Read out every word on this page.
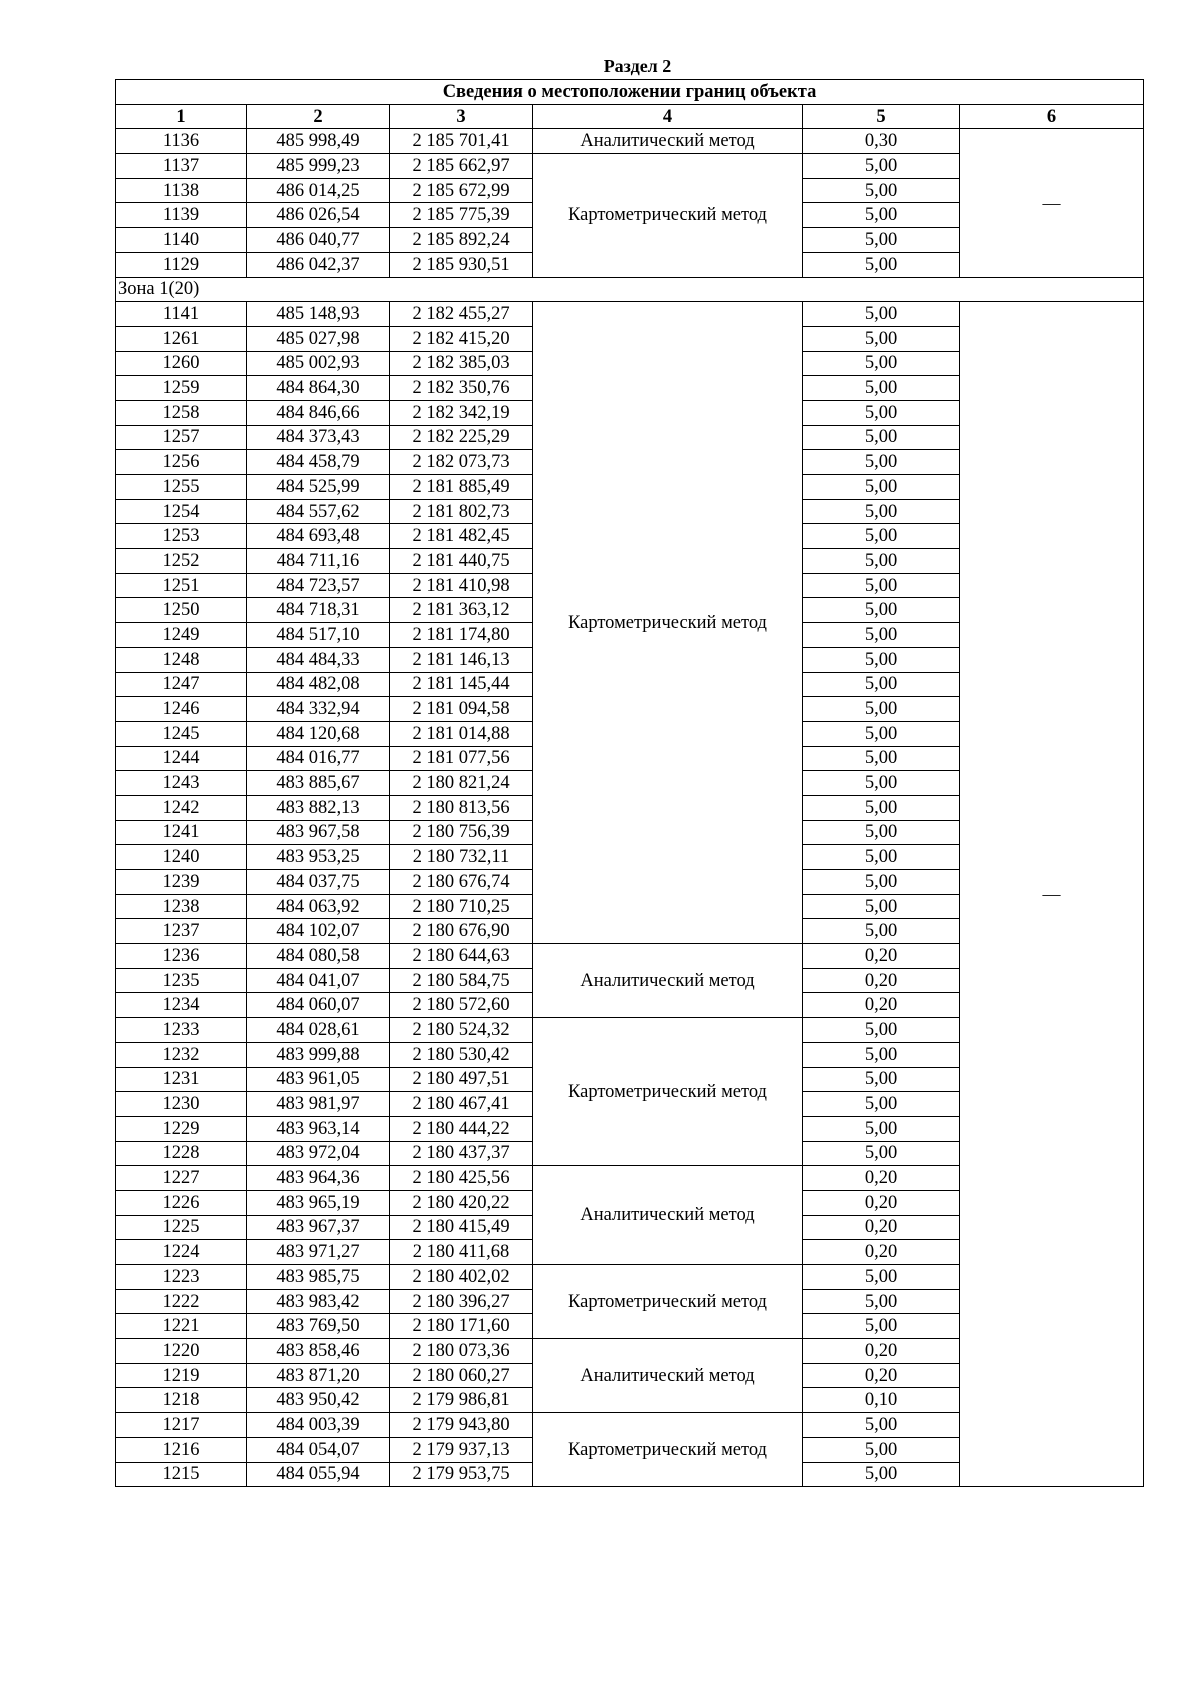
Раздел 2
Сведения о местоположении границ объекта					
1	2	3	4	5	6
1136	485 998,49	2 185 701,41	Аналитический метод	0,30	—
1137	485 999,23	2 185 662,97	Картометрический метод	5,00	
1138	486 014,25	2 185 672,99		5,00	
1139	486 026,54	2 185 775,39		5,00	
1140	486 040,77	2 185 892,24		5,00	
1129	486 042,37	2 185 930,51		5,00	
Зона 1(20)					
1141	485 148,93	2 182 455,27	Картометрический метод	5,00	—
1261	485 027,98	2 182 415,20		5,00	
1260	485 002,93	2 182 385,03		5,00	
1259	484 864,30	2 182 350,76		5,00	
1258	484 846,66	2 182 342,19		5,00	
1257	484 373,43	2 182 225,29		5,00	
1256	484 458,79	2 182 073,73		5,00	
1255	484 525,99	2 181 885,49		5,00	
1254	484 557,62	2 181 802,73		5,00	
1253	484 693,48	2 181 482,45		5,00	
1252	484 711,16	2 181 440,75		5,00	
1251	484 723,57	2 181 410,98		5,00	
1250	484 718,31	2 181 363,12		5,00	
1249	484 517,10	2 181 174,80		5,00	
1248	484 484,33	2 181 146,13		5,00	
1247	484 482,08	2 181 145,44		5,00	
1246	484 332,94	2 181 094,58		5,00	
1245	484 120,68	2 181 014,88		5,00	
1244	484 016,77	2 181 077,56		5,00	
1243	483 885,67	2 180 821,24		5,00	
1242	483 882,13	2 180 813,56		5,00	
1241	483 967,58	2 180 756,39		5,00	
1240	483 953,25	2 180 732,11		5,00	
1239	484 037,75	2 180 676,74		5,00	
1238	484 063,92	2 180 710,25		5,00	
1237	484 102,07	2 180 676,90		5,00	
1236	484 080,58	2 180 644,63	Аналитический метод	0,20	
1235	484 041,07	2 180 584,75		0,20	
1234	484 060,07	2 180 572,60		0,20	
1233	484 028,61	2 180 524,32	Картометрический метод	5,00	
1232	483 999,88	2 180 530,42		5,00	
1231	483 961,05	2 180 497,51		5,00	
1230	483 981,97	2 180 467,41		5,00	
1229	483 963,14	2 180 444,22		5,00	
1228	483 972,04	2 180 437,37		5,00	
1227	483 964,36	2 180 425,56	Аналитический метод	0,20	
1226	483 965,19	2 180 420,22		0,20	
1225	483 967,37	2 180 415,49		0,20	
1224	483 971,27	2 180 411,68		0,20	
1223	483 985,75	2 180 402,02	Картометрический метод	5,00	
1222	483 983,42	2 180 396,27		5,00	
1221	483 769,50	2 180 171,60		5,00	
1220	483 858,46	2 180 073,36	Аналитический метод	0,20	
1219	483 871,20	2 180 060,27		0,20	
1218	483 950,42	2 179 986,81		0,10	
1217	484 003,39	2 179 943,80	Картометрический метод	5,00	
1216	484 054,07	2 179 937,13		5,00	
1215	484 055,94	2 179 953,75		5,00	
